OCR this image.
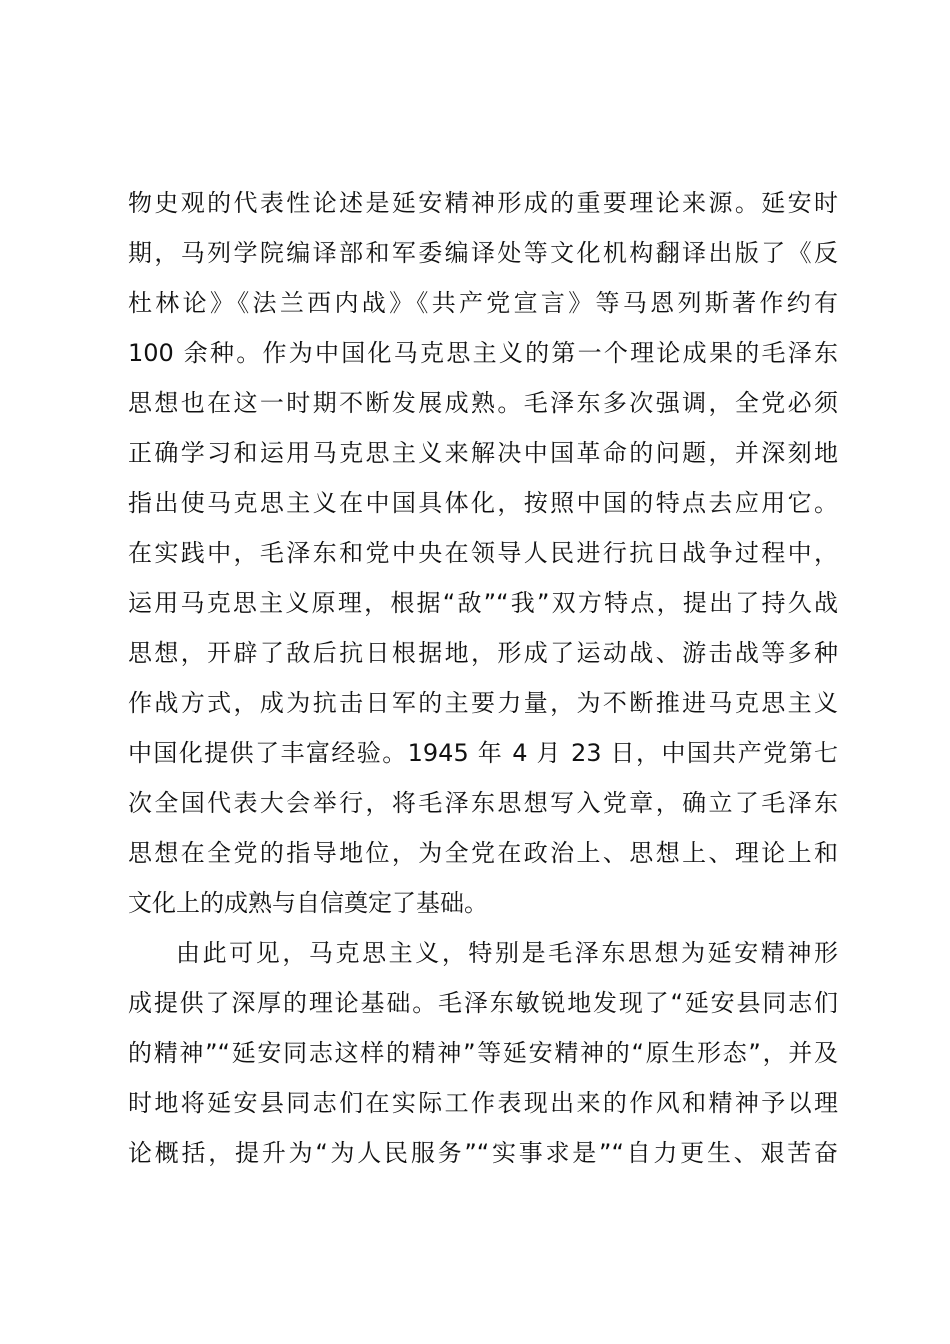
物史观的代表性论述是延安精神形成的重要理论来源。延安时
期，马列学院编译部和军委编译处等文化机构翻译出版了《反
杜林论》《法兰西内战》《共产党宣言》等马恩列斯著作约有
100 余种。作为中国化马克思主义的第一个理论成果的毛泽东
思想也在这一时期不断发展成熟。毛泽东多次强调，全党必须
正确学习和运用马克思主义来解决中国革命的问题，并深刻地
指出使马克思主义在中国具体化，按照中国的特点去应用它。
在实践中，毛泽东和党中央在领导人民进行抗日战争过程中，
运用马克思主义原理，根据“敌”“我”双方特点，提出了持久战
思想，开辟了敌后抗日根据地，形成了运动战、游击战等多种
作战方式，成为抗击日军的主要力量，为不断推进马克思主义
中国化提供了丰富经验。1945 年 4 月 23 日，中国共产党第七
次全国代表大会举行，将毛泽东思想写入党章，确立了毛泽东
思想在全党的指导地位，为全党在政治上、思想上、理论上和
文化上的成熟与自信奠定了基础。
由此可见，马克思主义，特别是毛泽东思想为延安精神形
成提供了深厚的理论基础。毛泽东敏锐地发现了“延安县同志们
的精神”“延安同志这样的精神”等延安精神的“原生形态”，并及
时地将延安县同志们在实际工作表现出来的作风和精神予以理
论概括，提升为“为人民服务”“实事求是”“自力更生、艰苦奋
